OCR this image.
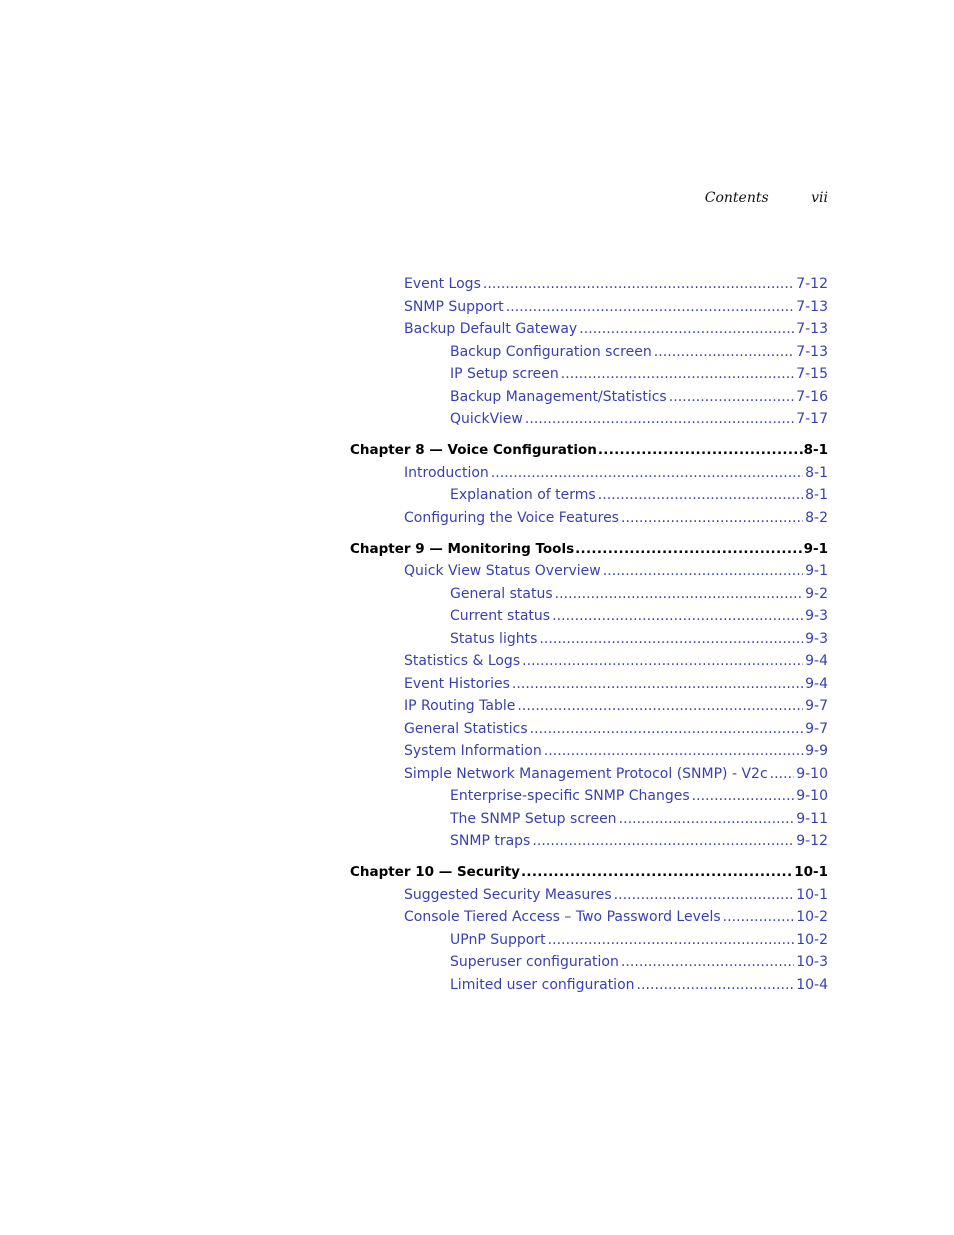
Contents	vii
Event Logs . . .	7-12
SNMP Support . . .	7-13
Backup Default Gateway . . .	7-13
Backup Configuration screen . . .	7-13
IP Setup screen . . .	7-15
Backup Management/Statistics . . .	7-16
QuickView . . .	7-17
Chapter 8 — Voice Configuration . . .	8-1
Introduction . . .	8-1
Explanation of terms . . .	8-1
Configuring the Voice Features . . .	8-2
Chapter 9 — Monitoring Tools . . .	9-1
Quick View Status Overview . . .	9-1
General status . . .	9-2
Current status . . .	9-3
Status lights . . .	9-3
Statistics & Logs . . .	9-4
Event Histories . . .	9-4
IP Routing Table . . .	9-7
General Statistics . . .	9-7
System Information . . .	9-9
Simple Network Management Protocol (SNMP) - V2c . . . 9-10
Enterprise-specific SNMP Changes . . .	9-10
The SNMP Setup screen . . .	9-11
SNMP traps . . .	9-12
Chapter 10 — Security . . .	10-1
Suggested Security Measures . . .	10-1
Console Tiered Access – Two Password Levels . . .	10-2
UPnP Support . . .	10-2
Superuser configuration . . .	10-3
Limited user configuration . . .	10-4
